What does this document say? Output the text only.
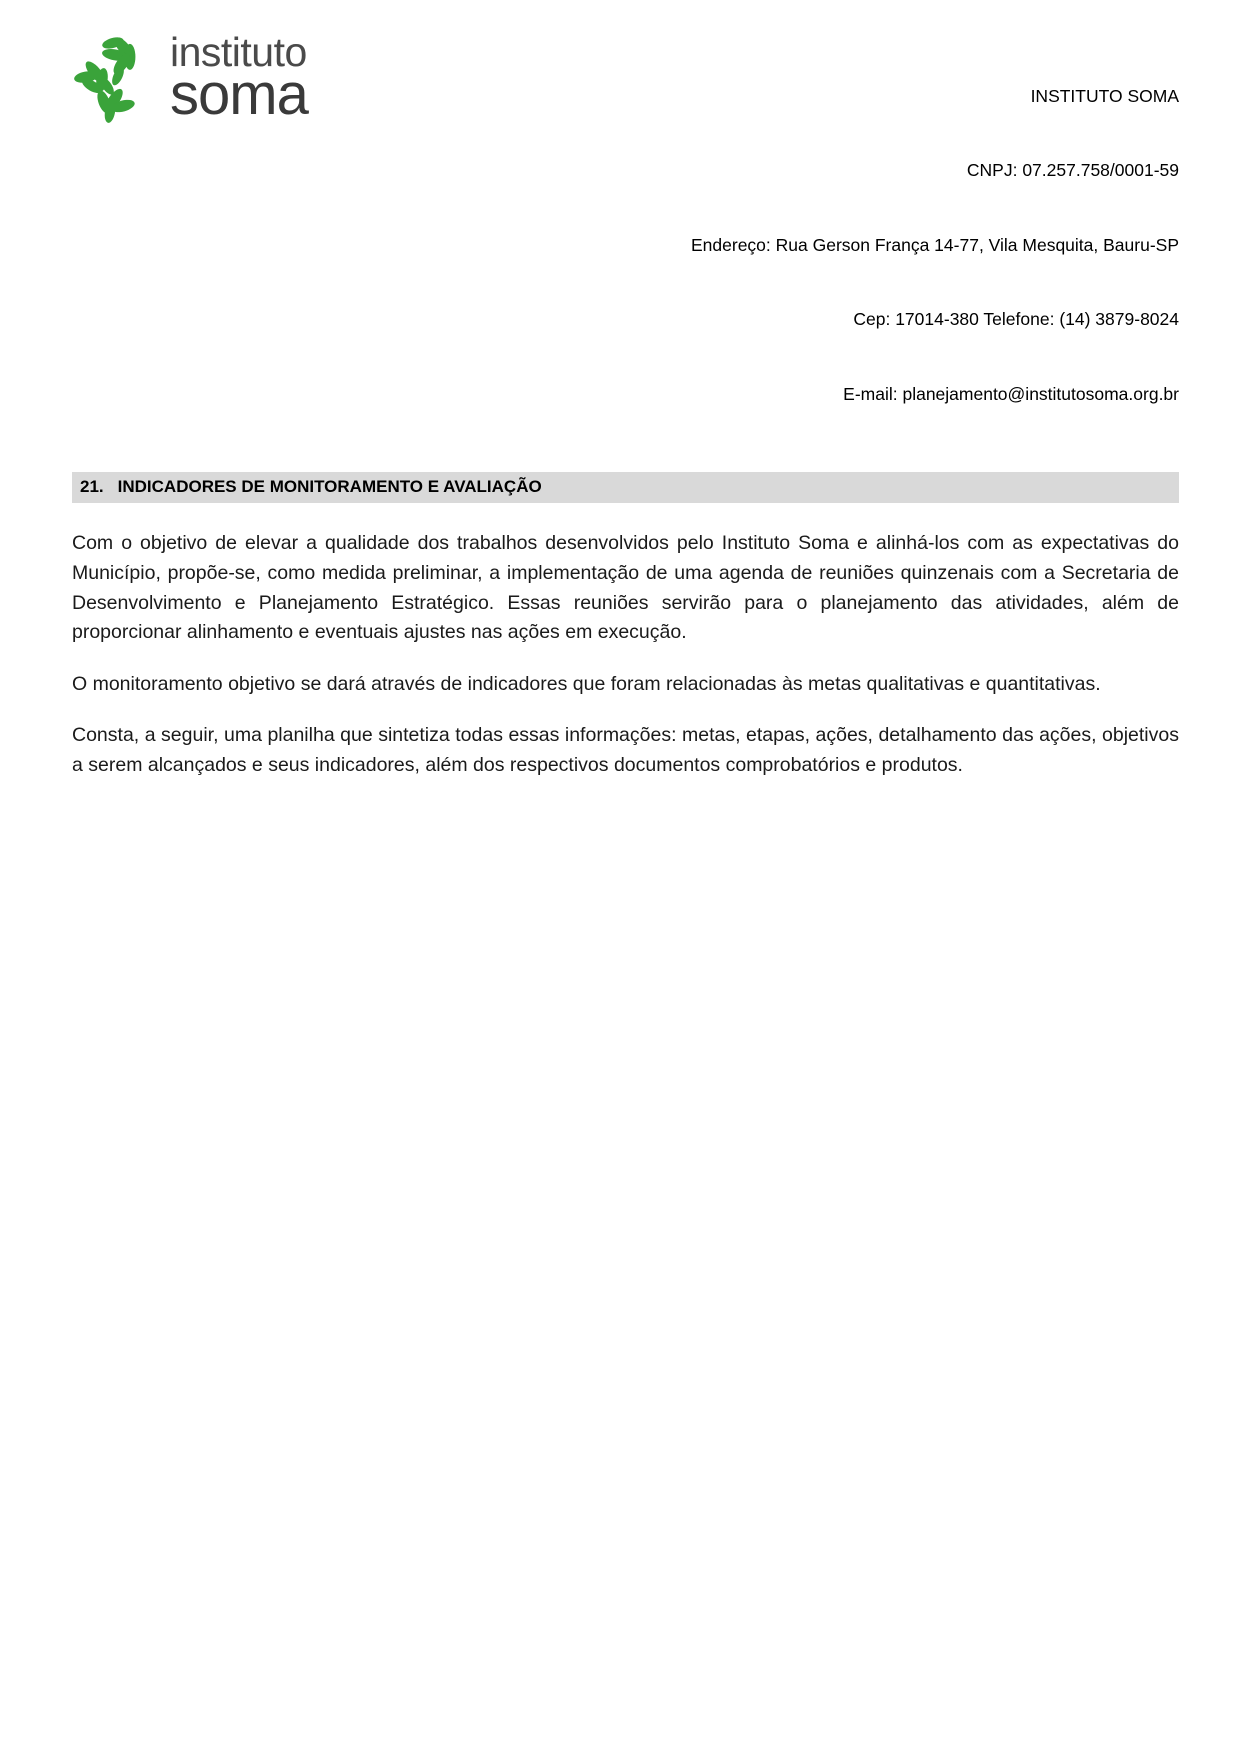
instituto
soma

	INSTITUTO SOMA

CNPJ: 07.257.758/0001-59

Endereço: Rua Gerson França 14-77, Vila Mesquita, Bauru-SP

Cep: 17014-380 Telefone: (14) 3879-8024

E-mail: planejamento@institutosoma.org.br

21. INDICADORES DE MONITORAMENTO E AVALIAÇÃO

Com o objetivo de elevar a qualidade dos trabalhos desenvolvidos pelo Instituto Soma e alinhá-los com as expectativas do Município, propõe-se, como medida preliminar, a implementação de uma agenda de reuniões quinzenais com a Secretaria de Desenvolvimento e Planejamento Estratégico. Essas reuniões servirão para o planejamento das atividades, além de proporcionar alinhamento e eventuais ajustes nas ações em execução.

O monitoramento objetivo se dará através de indicadores que foram relacionadas às metas qualitativas e quantitativas.

Consta, a seguir, uma planilha que sintetiza todas essas informações: metas, etapas, ações, detalhamento das ações, objetivos a serem alcançados e seus indicadores, além dos respectivos documentos comprobatórios e produtos.
